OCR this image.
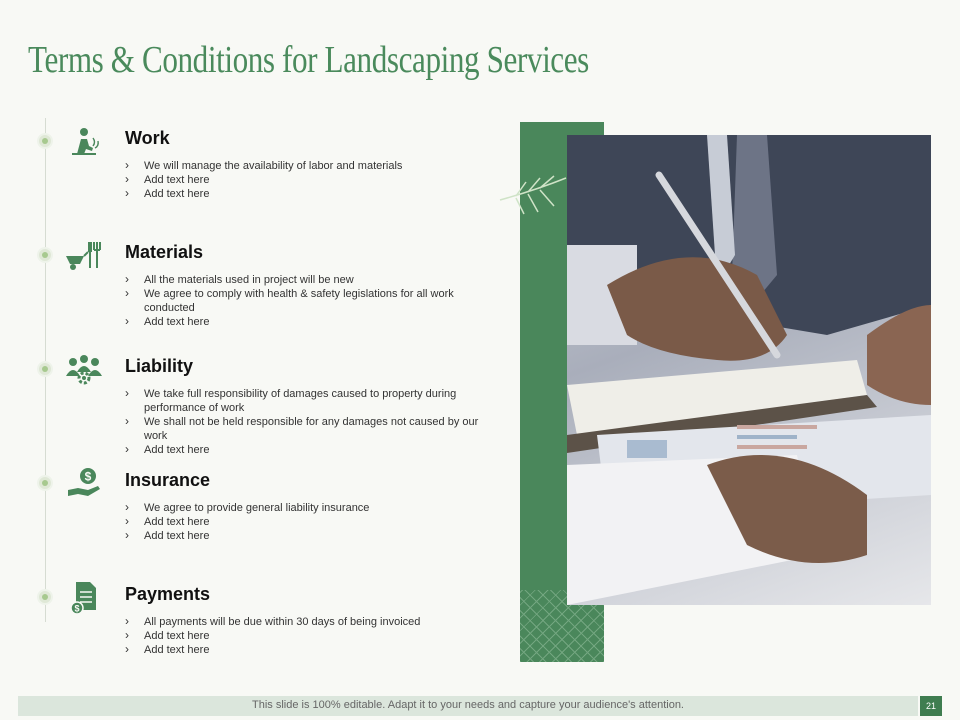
Terms & Conditions for Landscaping Services
Work
› We will manage the availability of labor and materials
› Add text here
› Add text here
Materials
› All the materials used in project will be new
› We agree to comply with health & safety legislations for all work conducted
› Add text here
Liability
› We take full responsibility of damages caused to property during performance of work
› We shall not be held responsible for any damages not caused by our work
› Add text here
$ Insurance
› We agree to provide general liability insurance
› Add text here
› Add text here
$
Payments
› All payments will be due within 30 days of being invoiced
› Add text here
› Add text here
This slide is 100% editable. Adapt it to your needs and capture your audience's attention.	21
